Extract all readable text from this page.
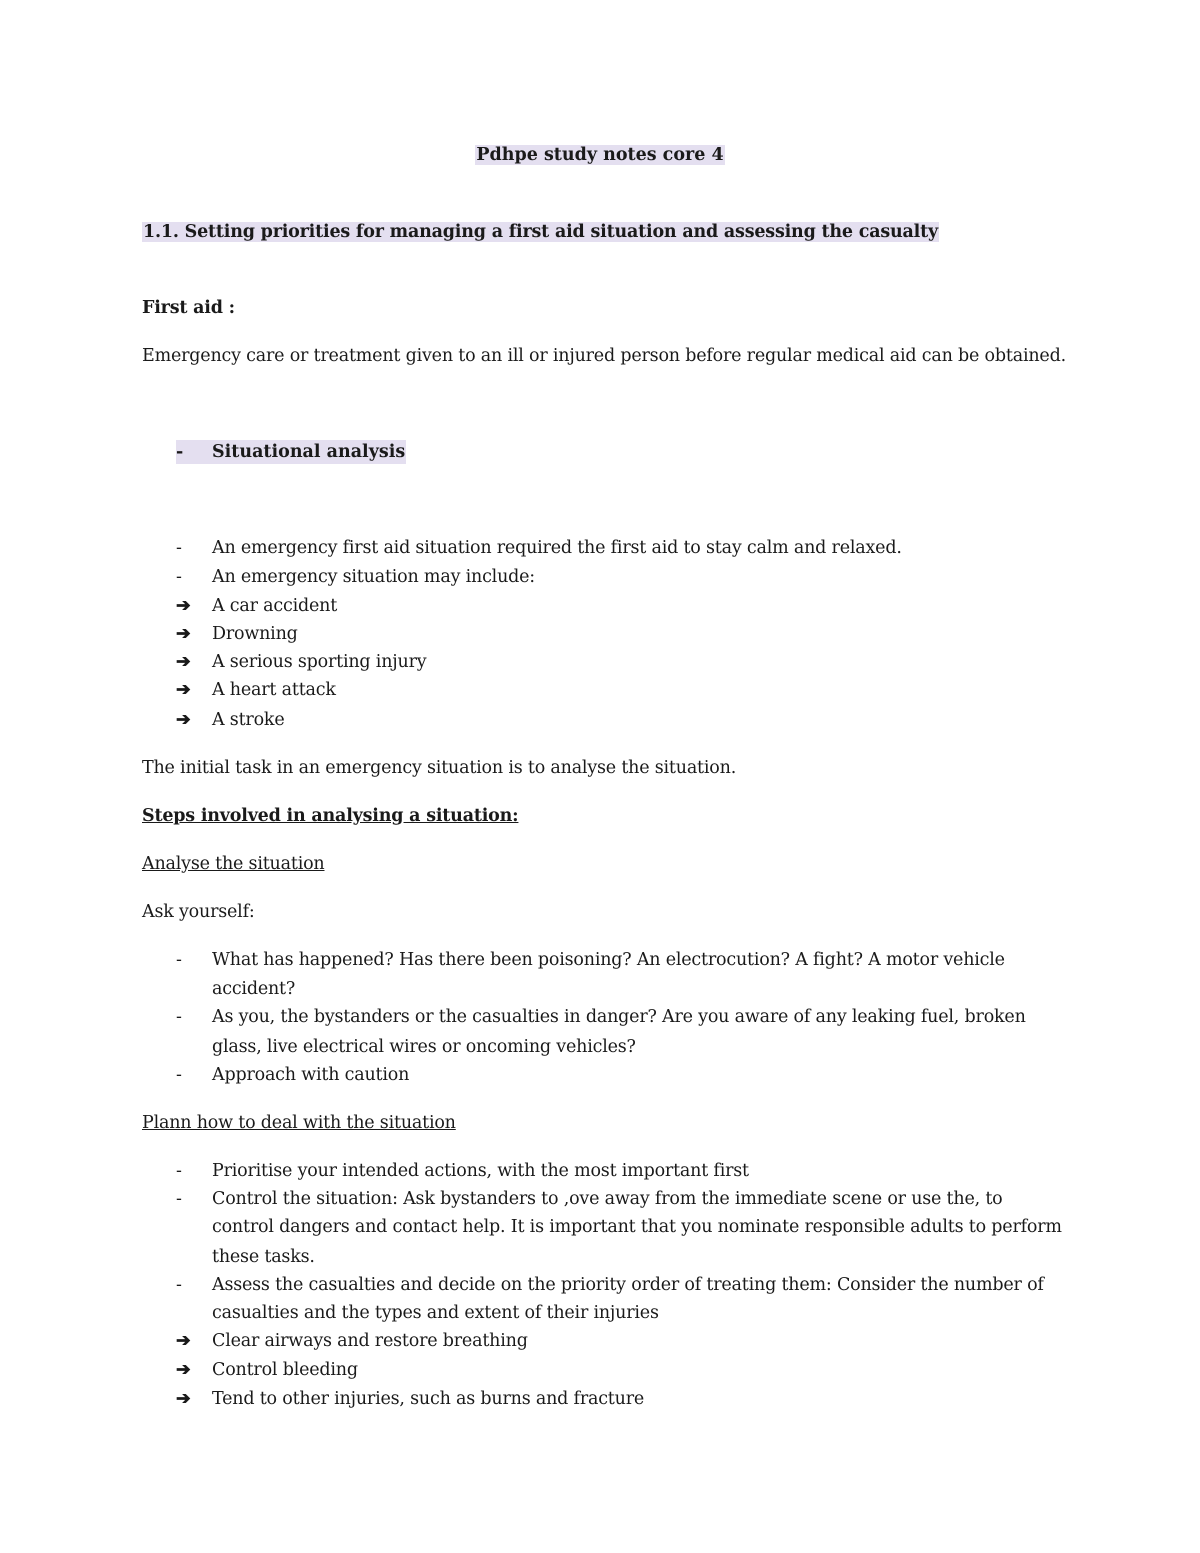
Pdhpe study notes core 4
1.1. Setting priorities for managing a first aid situation and assessing the casualty
First aid :
Emergency care or treatment given to an ill or injured person before regular medical aid can be obtained.
- Situational analysis
- An emergency first aid situation required the first aid to stay calm and relaxed.
- An emergency situation may include:
➔ A car accident
➔ Drowning
➔ A serious sporting injury
➔ A heart attack
➔ A stroke
The initial task in an emergency situation is to analyse the situation.
Steps involved in analysing a situation:
Analyse the situation
Ask yourself:
- What has happened? Has there been poisoning? An electrocution? A fight? A motor vehicle
accident?
- As you, the bystanders or the casualties in danger? Are you aware of any leaking fuel, broken
glass, live electrical wires or oncoming vehicles?
- Approach with caution
Plann how to deal with the situation
- Prioritise your intended actions, with the most important first
- Control the situation: Ask bystanders to ,ove away from the immediate scene or use the, to
control dangers and contact help. It is important that you nominate responsible adults to perform
these tasks.
- Assess the casualties and decide on the priority order of treating them: Consider the number of
casualties and the types and extent of their injuries
➔ Clear airways and restore breathing
➔ Control bleeding
➔ Tend to other injuries, such as burns and fracture
